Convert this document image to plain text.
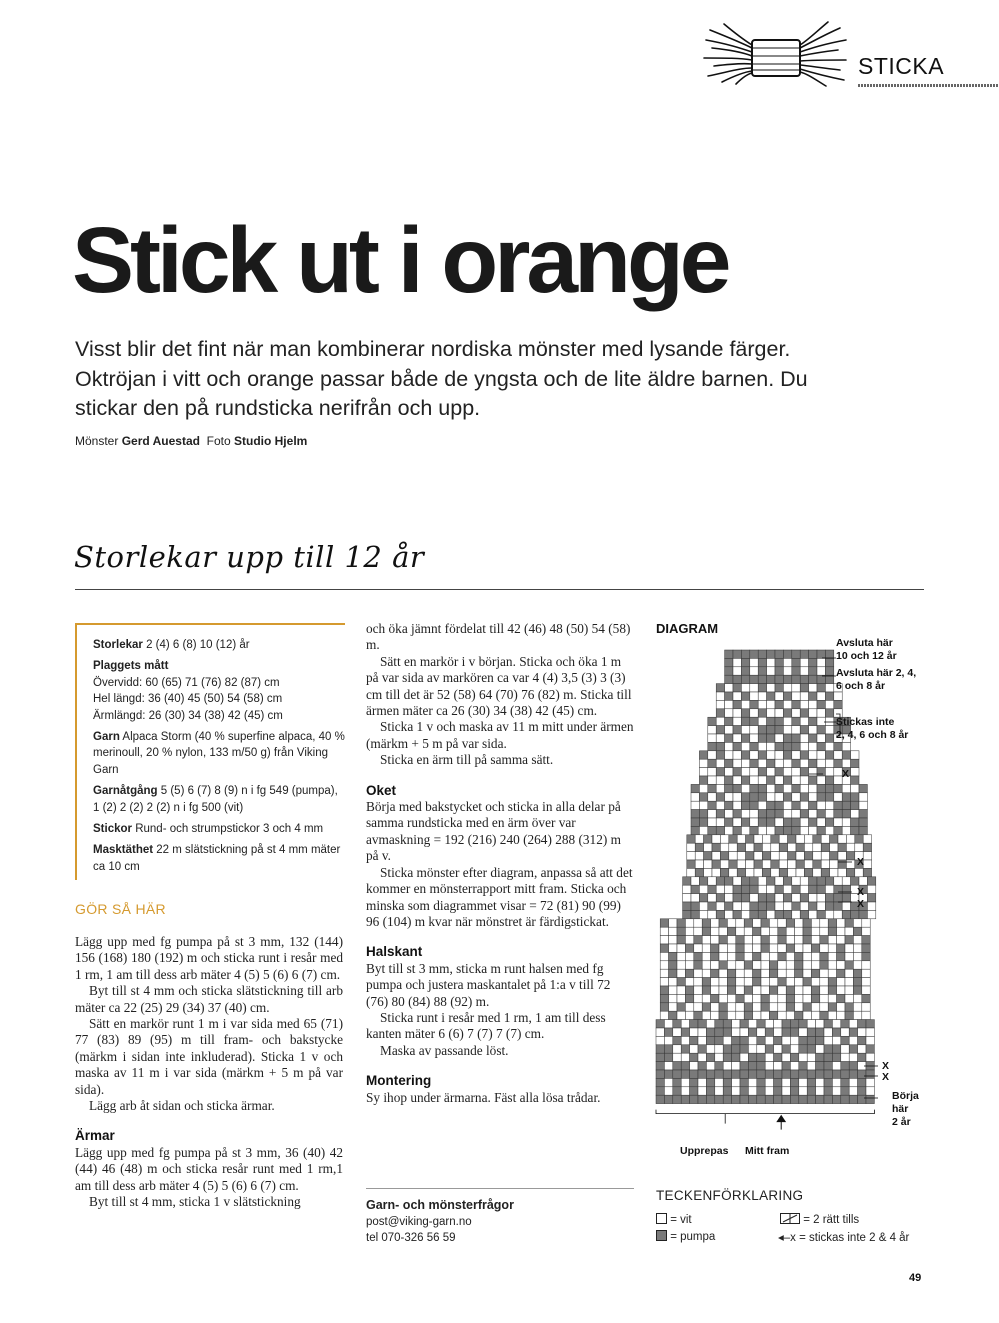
STICKA
Stick ut i orange
Visst blir det fint när man kombinerar nordiska mönster med lysande färger. Oktröjan i vitt och orange passar både de yngsta och de lite äldre barnen. Du stickar den på rundsticka nerifrån och upp.
Mönster Gerd Auestad Foto Studio Hjelm
Storlekar upp till 12 år
Storlekar 2 (4) 6 (8) 10 (12) år
Plaggets mått
Övervidd: 60 (65) 71 (76) 82 (87) cm
Hel längd: 36 (40) 45 (50) 54 (58) cm
Ärmlängd: 26 (30) 34 (38) 42 (45) cm
Garn Alpaca Storm (40 % superfine alpaca, 40 % merinoull, 20 % nylon, 133 m/50 g) från Viking Garn
Garnåtgång 5 (5) 6 (7) 8 (9) n i fg 549 (pumpa), 1 (2) 2 (2) 2 (2) n i fg 500 (vit)
Stickor Rund- och strumpstickor 3 och 4 mm
Masktäthet 22 m slätstickning på st 4 mm mäter ca 10 cm
GÖR SÅ HÄR

Lägg upp med fg pumpa på st 3 mm, 132 (144) 156 (168) 180 (192) m och sticka runt i resår med 1 rm, 1 am till dess arb mäter 4 (5) 5 (6) 6 (7) cm.

Byt till st 4 mm och sticka slätstickning till arb mäter ca 22 (25) 29 (34) 37 (40) cm.

Sätt en markör runt 1 m i var sida med 65 (71) 77 (83) 89 (95) m till fram- och bakstycke (märkm i sidan inte inkluderad). Sticka 1 v och maska av 11 m i var sida (märkm + 5 m på var sida).

Lägg arb åt sidan och sticka ärmar.

Ärmar

Lägg upp med fg pumpa på st 3 mm, 36 (40) 42 (44) 46 (48) m och sticka resår runt med 1 rm,1 am till dess arb mäter 4 (5) 5 (6) 6 (7) cm.

Byt till st 4 mm, sticka 1 v slätstickning

och öka jämnt fördelat till 42 (46) 48 (50) 54 (58) m.

Sätt en markör i v början. Sticka och öka 1 m på var sida av markören ca var 4 (4) 3,5 (3) 3 (3) cm till det är 52 (58) 64 (70) 76 (82) m. Sticka till ärmen mäter ca 26 (30) 34 (38) 42 (45) cm.

Sticka 1 v och maska av 11 m mitt under ärmen (märkm + 5 m på var sida.

Sticka en ärm till på samma sätt.

Oket

Börja med bakstycket och sticka in alla delar på samma rundsticka med en ärm över var avmaskning = 192 (216) 240 (264) 288 (312) m på v.

Sticka mönster efter diagram, anpassa så att det kommer en mönsterrapport mitt fram. Sticka och minska som diagrammet visar = 72 (81) 90 (99) 96 (104) m kvar när mönstret är färdigstickat.

Halskant

Byt till st 3 mm, sticka m runt halsen med fg pumpa och justera maskantalet på 1:a v till 72 (76) 80 (84) 88 (92) m.

Sticka runt i resår med 1 rm, 1 am till dess kanten mäter 6 (6) 7 (7) 7 (7) cm.

Maska av passande löst.

Montering

Sy ihop under ärmarna. Fäst alla lösa trådar.

Garn- och mönsterfrågor
post@viking-garn.no
tel 070-326 56 59
DIAGRAM
Avsluta här
10 och 12 år
Avsluta här 2, 4,
6 och 8 år
Stickas inte
2, 4, 6 och 8 år
X
X
X
X
X
X
Börja
här
2 år
Upprepas Mitt fram
TECKENFÖRKLARING
= vit
= pumpa
= 2 rätt tills
◂–x = stickas inte 2 & 4 år
49
